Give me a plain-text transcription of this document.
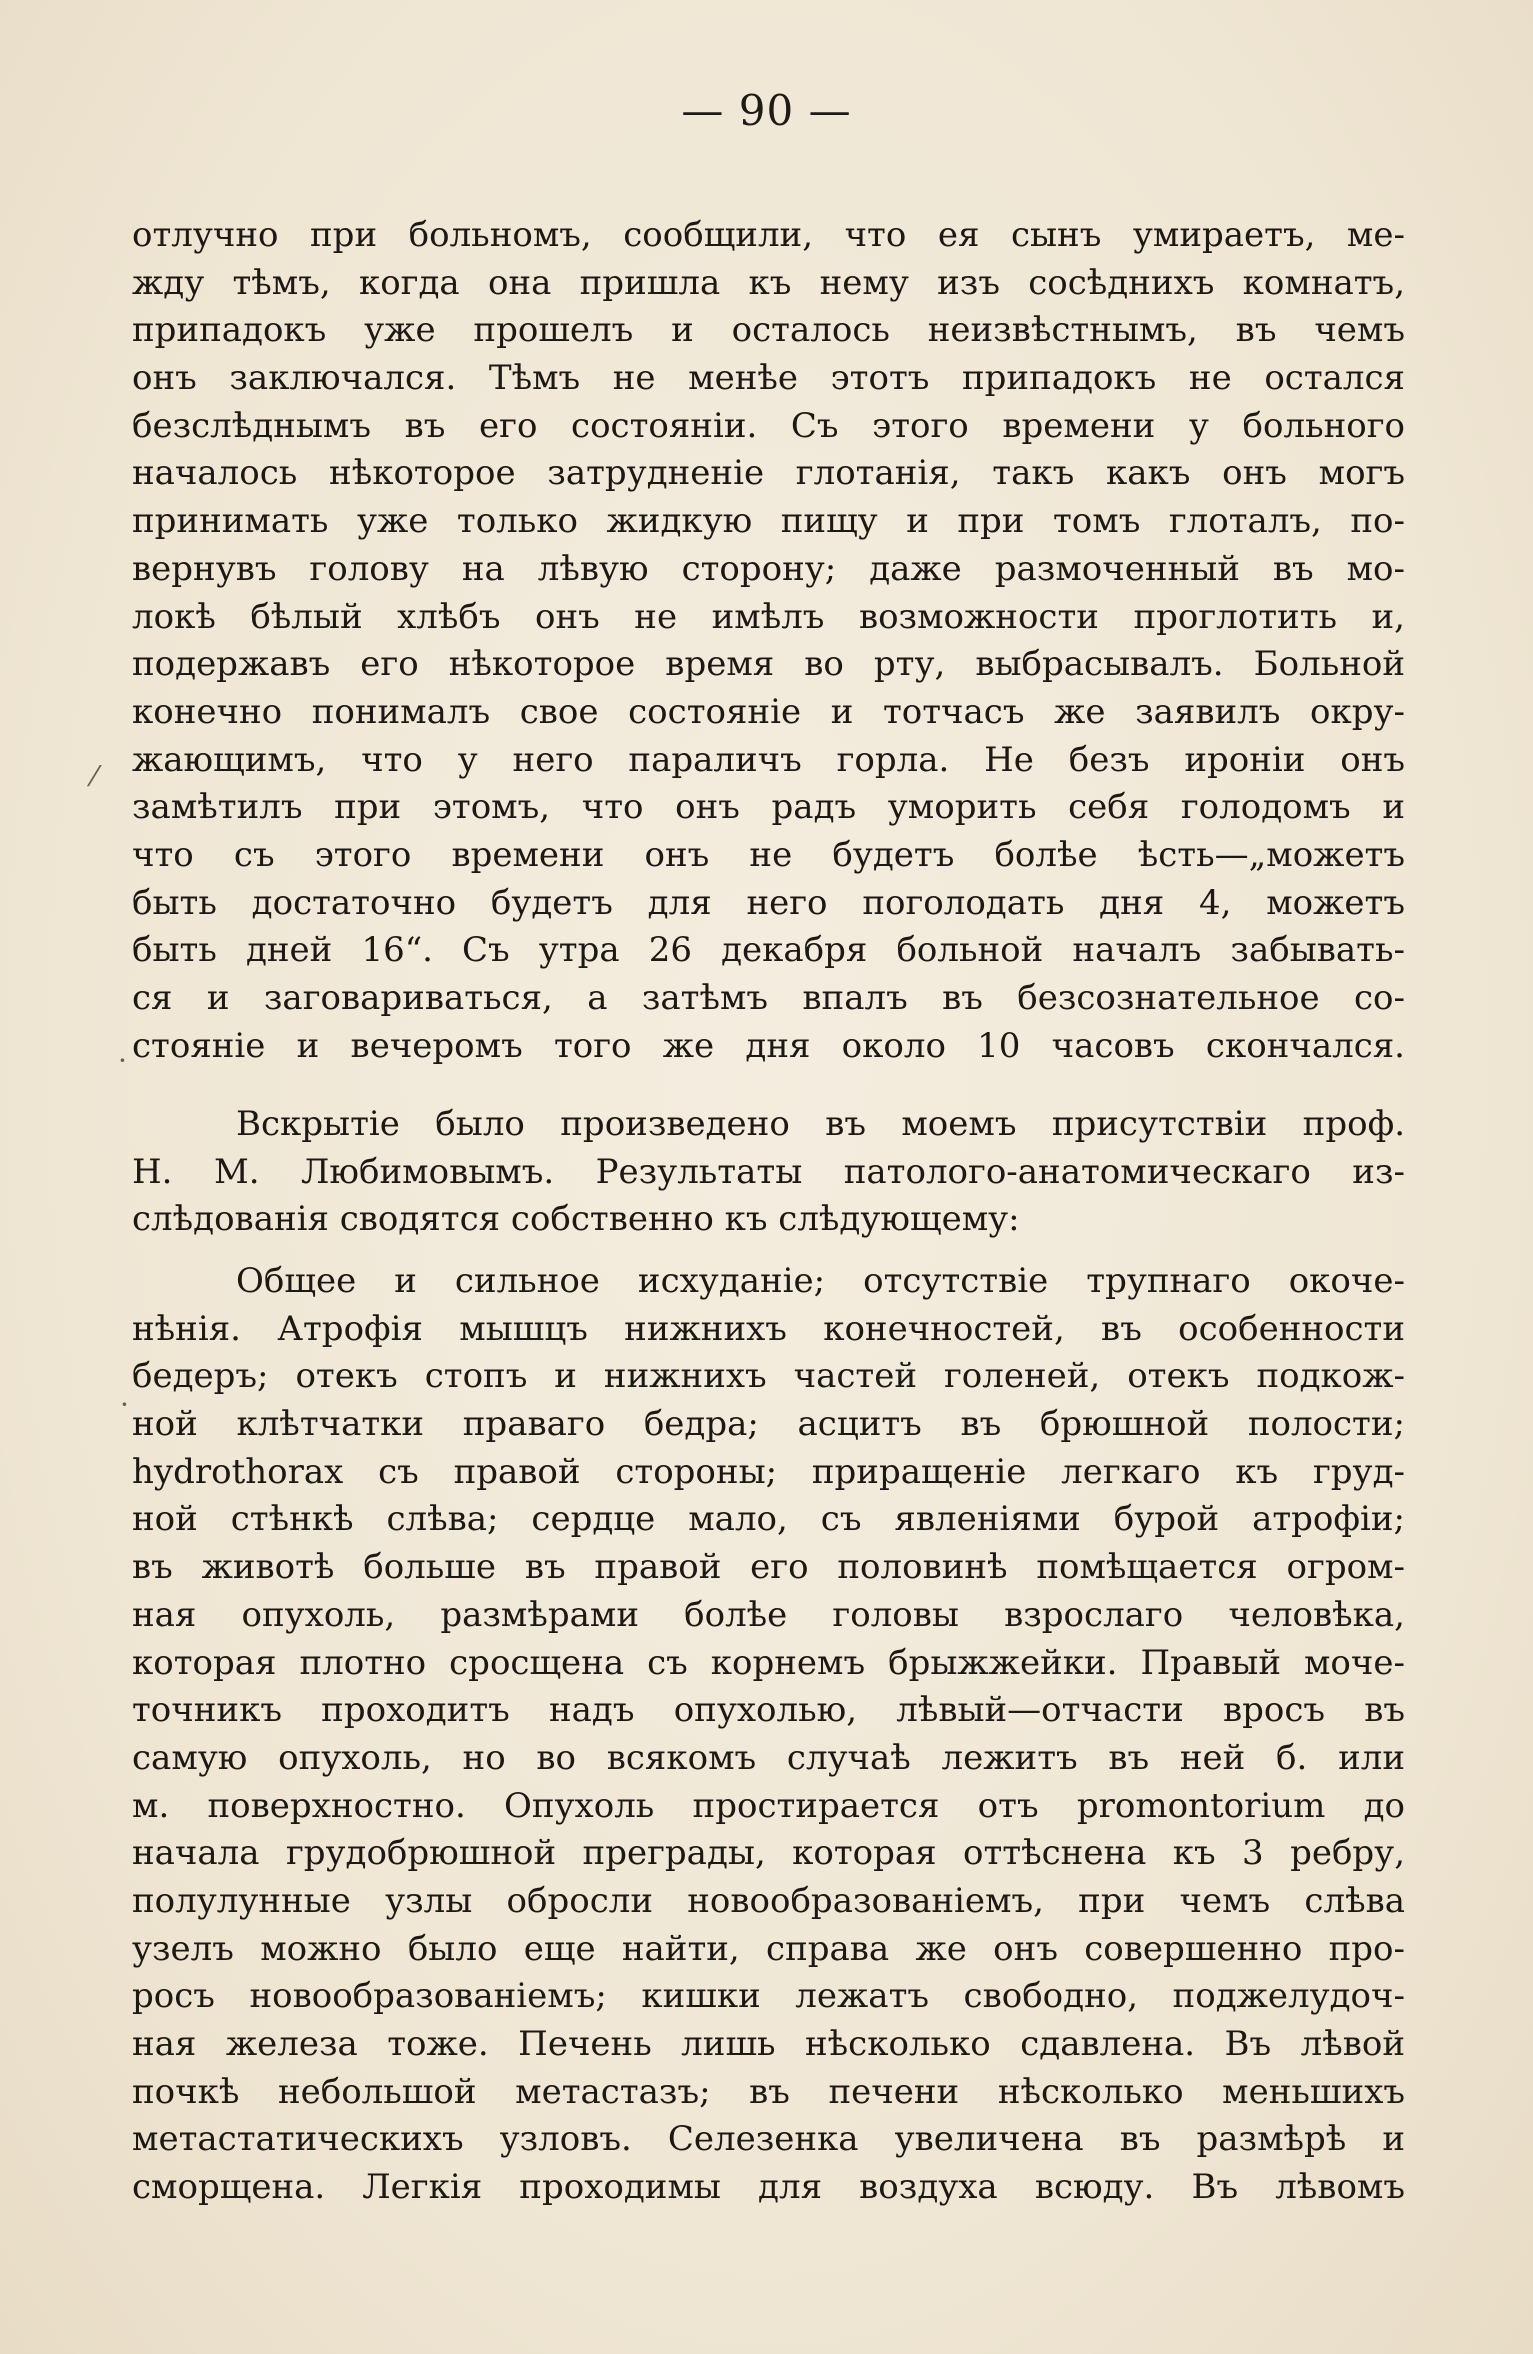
— 90 —
⁄
·
·
отлучно при больномъ, сообщили, что ея сынъ умираетъ, ме-
жду тѣмъ, когда она пришла къ нему изъ сосѣднихъ комнатъ,
припадокъ уже прошелъ и осталось неизвѣстнымъ, въ чемъ
онъ заключался. Тѣмъ не менѣе этотъ припадокъ не остался
безслѣднымъ въ его состояніи. Съ этого времени у больного
началось нѣкоторое затрудненіе глотанія, такъ какъ онъ могъ
принимать уже только жидкую пищу и при томъ глоталъ, по-
вернувъ голову на лѣвую сторону; даже размоченный въ мо-
локѣ бѣлый хлѣбъ онъ не имѣлъ возможности проглотить и,
подержавъ его нѣкоторое время во рту, выбрасывалъ. Больной
конечно понималъ свое состояніе и тотчасъ же заявилъ окру-
жающимъ, что у него параличъ горла. Не безъ ироніи онъ
замѣтилъ при этомъ, что онъ радъ уморить себя голодомъ и
что съ этого времени онъ не будетъ болѣе ѣсть—„можетъ
быть достаточно будетъ для него поголодать дня 4, можетъ
быть дней 16“. Съ утра 26 декабря больной началъ забывать-
ся и заговариваться, а затѣмъ впалъ въ безсознательное со-
стояніе и вечеромъ того же дня около 10 часовъ скончался.
Вскрытіе было произведено въ моемъ присутствіи проф.
Н. М. Любимовымъ. Результаты патолого-анатомическаго из-
слѣдованія сводятся собственно къ слѣдующему:
Общее и сильное исхуданіе; отсутствіе трупнаго окоче-
нѣнія. Атрофія мышцъ нижнихъ конечностей, въ особенности
бедеръ; отекъ стопъ и нижнихъ частей голеней, отекъ подкож-
ной клѣтчатки праваго бедра; асцитъ въ брюшной полости;
hydrothorax съ правой стороны; приращеніе легкаго къ груд-
ной стѣнкѣ слѣва; сердце мало, съ явленіями бурой атрофіи;
въ животѣ больше въ правой его половинѣ помѣщается огром-
ная опухоль, размѣрами болѣе головы взрослаго человѣка,
которая плотно сросщена съ корнемъ брыжжейки. Правый моче-
точникъ проходитъ надъ опухолью, лѣвый—отчасти вросъ въ
самую опухоль, но во всякомъ случаѣ лежитъ въ ней б. или
м. поверхностно. Опухоль простирается отъ promontorium до
начала грудобрюшной преграды, которая оттѣснена къ 3 ребру,
полулунные узлы обросли новообразованіемъ, при чемъ слѣва
узелъ можно было еще найти, справа же онъ совершенно про-
росъ новообразованіемъ; кишки лежатъ свободно, поджелудоч-
ная железа тоже. Печень лишь нѣсколько сдавлена. Въ лѣвой
почкѣ небольшой метастазъ; въ печени нѣсколько меньшихъ
метастатическихъ узловъ. Селезенка увеличена въ размѣрѣ и
сморщена. Легкія проходимы для воздуха всюду. Въ лѣвомъ
